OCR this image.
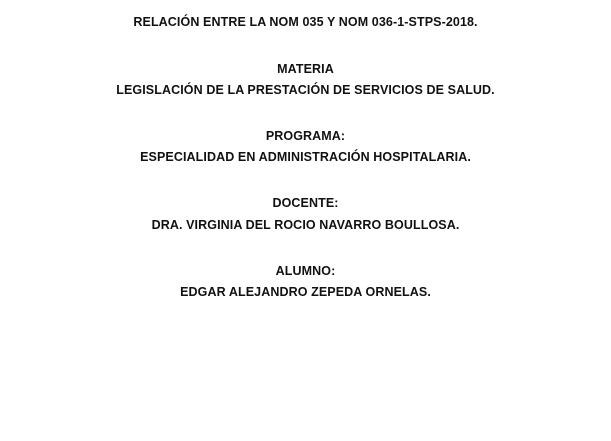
RELACIÓN ENTRE LA NOM 035 Y NOM 036-1-STPS-2018.
MATERIA
LEGISLACIÓN DE LA PRESTACIÓN DE SERVICIOS DE SALUD.
PROGRAMA:
ESPECIALIDAD EN ADMINISTRACIÓN HOSPITALARIA.
DOCENTE:
DRA. VIRGINIA DEL ROCIO NAVARRO BOULLOSA.
ALUMNO:
EDGAR ALEJANDRO ZEPEDA ORNELAS.
